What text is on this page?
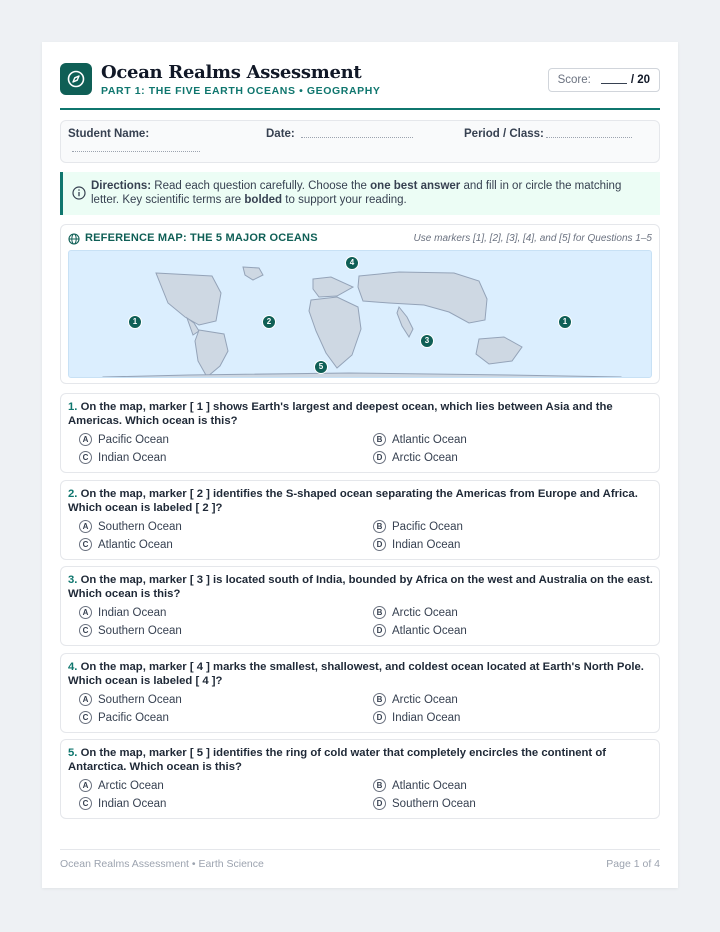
Ocean Realms Assessment
PART 1: THE FIVE EARTH OCEANS • GEOGRAPHY
Score:	/ 20
Student Name:	Date:	Period / Class:
Directions: Read each question carefully. Choose the one best answer and fill in or circle the matching letter. Key scientific terms are bolded to support your reading.
REFERENCE MAP: THE 5 MAJOR OCEANS	Use markers [1], [2], [3], [4], and [5] for Questions 1–5
1	2
3
4
5
1
1. On the map, marker [ 1 ] shows Earth's largest and deepest ocean, which lies between Asia and the Americas. Which ocean is this?
A Pacific Ocean	B Atlantic Ocean
C Indian Ocean	D Arctic Ocean
2. On the map, marker [ 2 ] identifies the S-shaped ocean separating the Americas from Europe and Africa. Which ocean is labeled [ 2 ]?
A Southern Ocean	B Pacific Ocean
C Atlantic Ocean	D Indian Ocean
3. On the map, marker [ 3 ] is located south of India, bounded by Africa on the west and Australia on the east. Which ocean is this?
A Indian Ocean	B Arctic Ocean
C Southern Ocean	D Atlantic Ocean
4. On the map, marker [ 4 ] marks the smallest, shallowest, and coldest ocean located at Earth's North Pole. Which ocean is labeled [ 4 ]?
A Southern Ocean	B Arctic Ocean
C Pacific Ocean	D Indian Ocean
5. On the map, marker [ 5 ] identifies the ring of cold water that completely encircles the continent of Antarctica. Which ocean is this?
A Arctic Ocean	B Atlantic Ocean
C Indian Ocean	D Southern Ocean
Ocean Realms Assessment • Earth Science	Page 1 of 4
